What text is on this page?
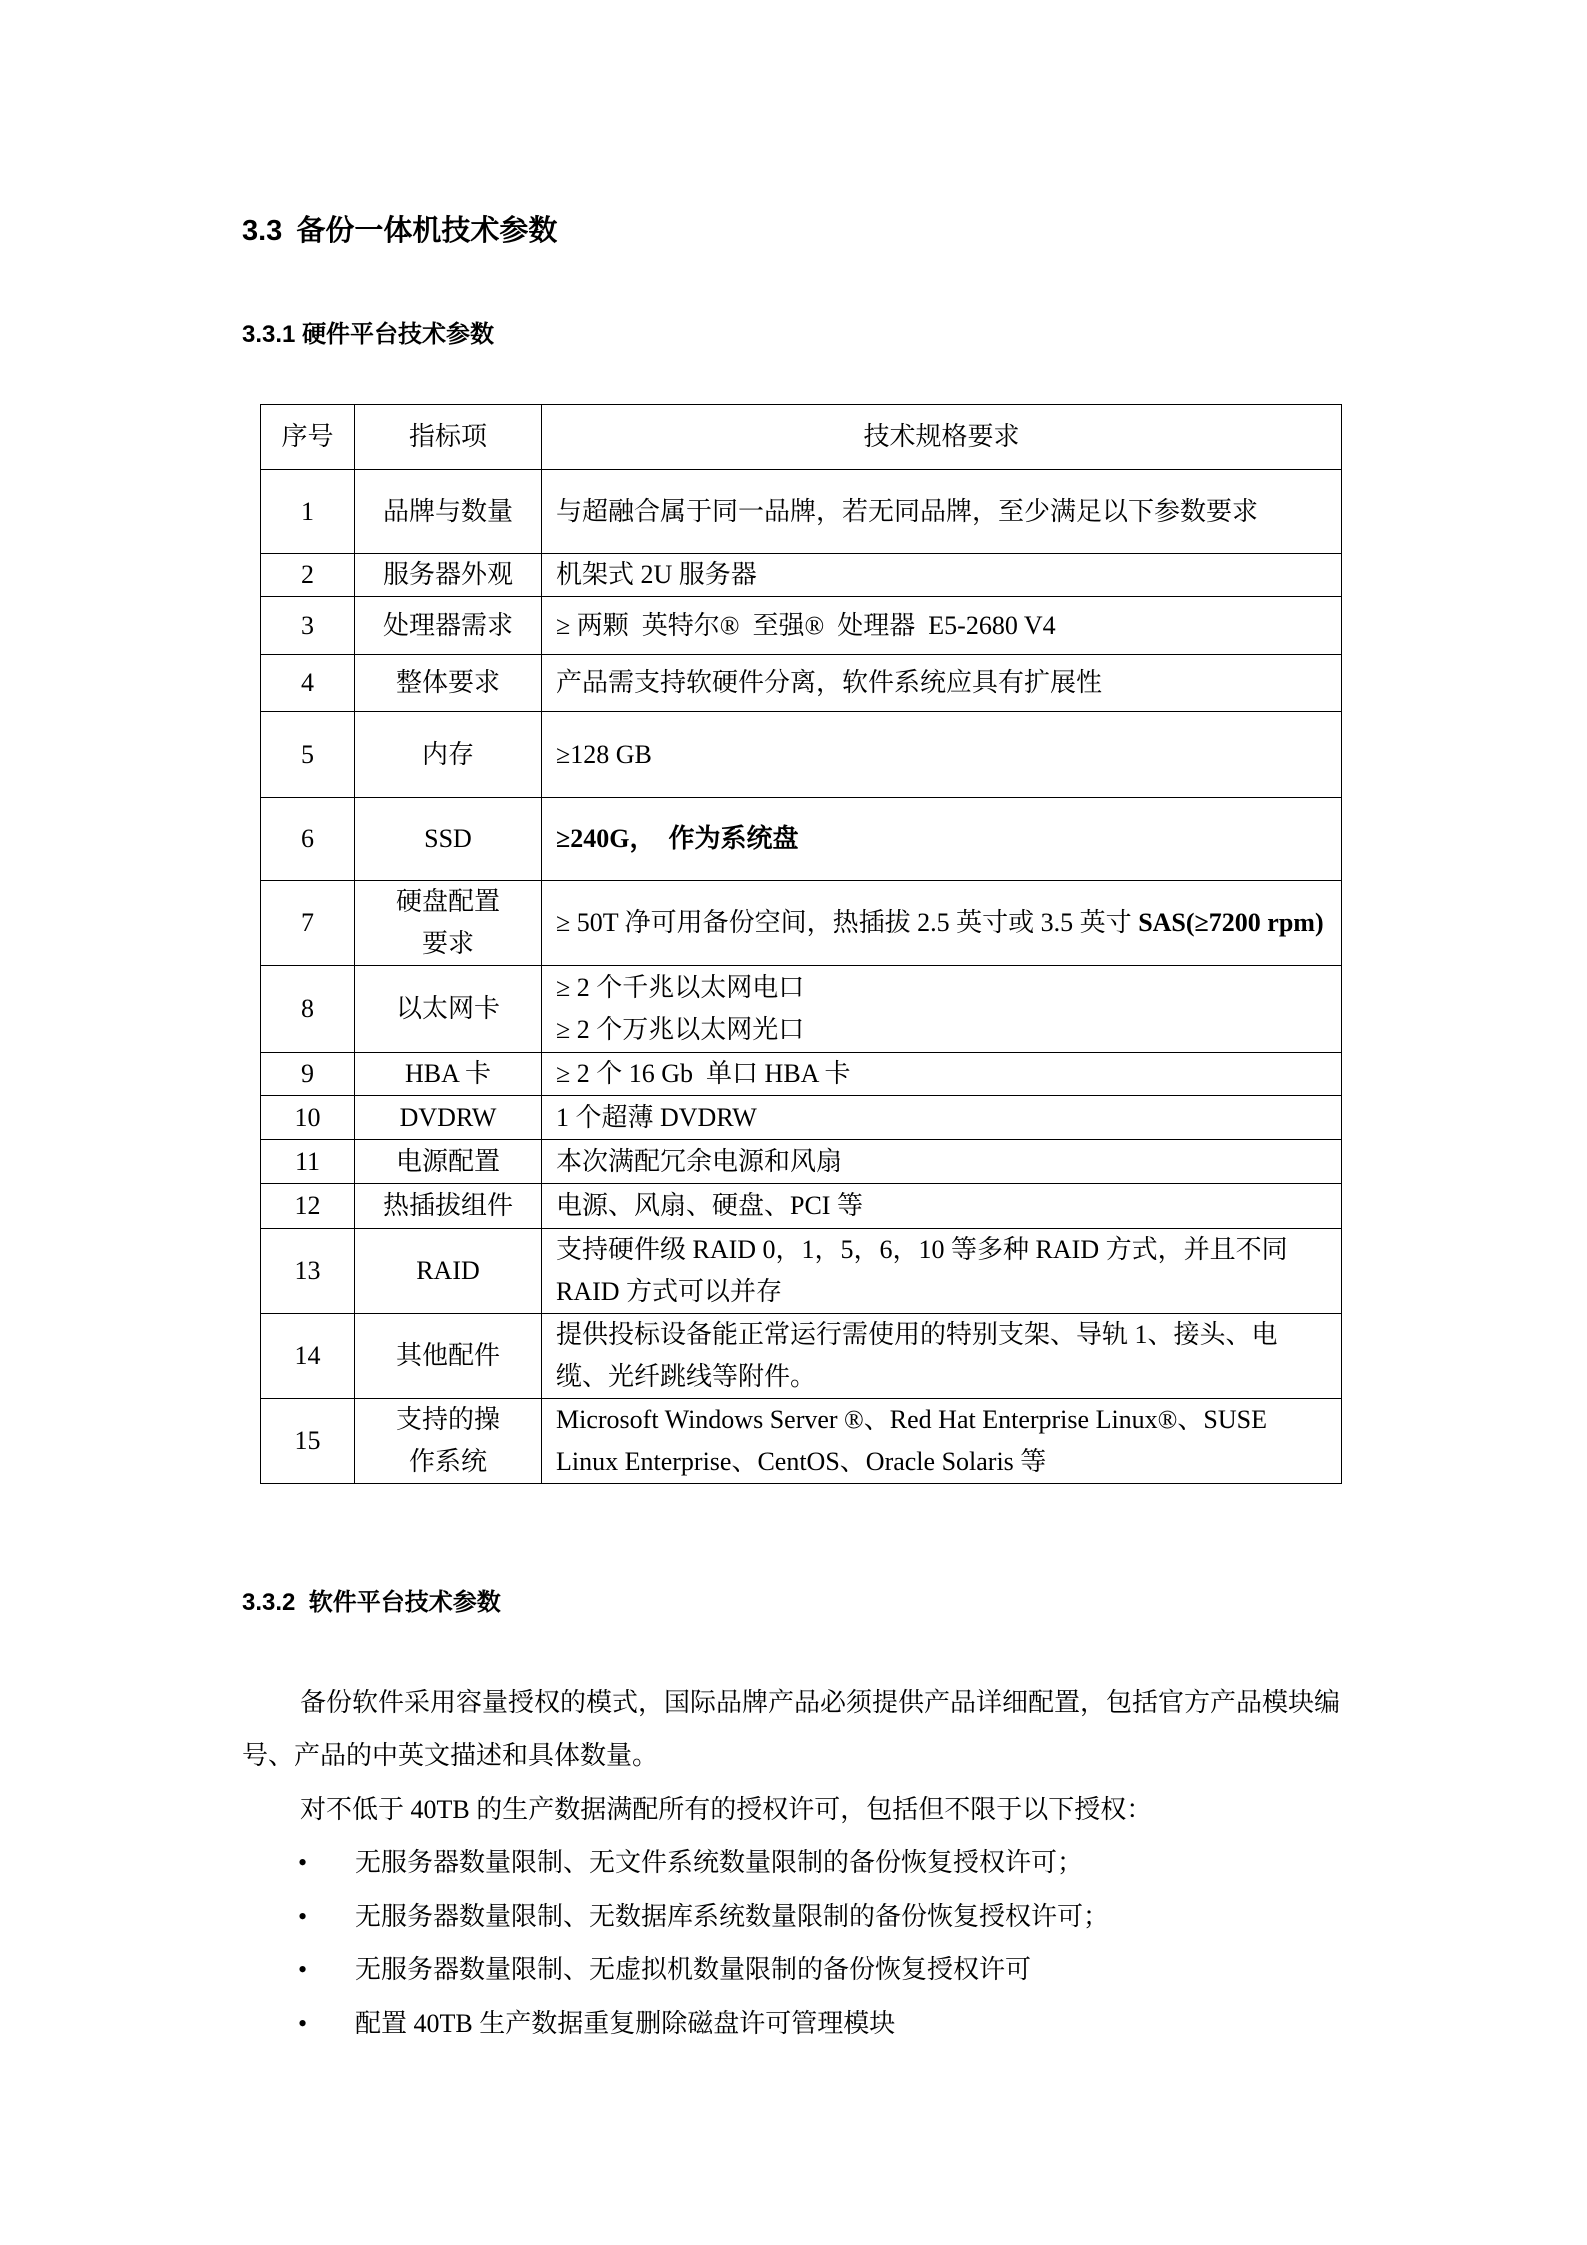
3.3 备份一体机技术参数
3.3.1 硬件平台技术参数
序号	指标项	技术规格要求
1	品牌与数量	与超融合属于同一品牌，若无同品牌，至少满足以下参数要求
2	服务器外观	机架式 2U 服务器
3	处理器需求	≥ 两颗  英特尔®  至强®  处理器  E5-2680 V4
4	整体要求	产品需支持软硬件分离，软件系统应具有扩展性
5	内存	≥128 GB
6	SSD	≥240G，  作为系统盘
7	硬盘配置要求	≥ 50T 净可用备份空间，热插拔 2.5 英寸或 3.5 英寸 SAS(≥7200 rpm)
8	以太网卡	≥ 2 个千兆以太网电口
≥ 2 个万兆以太网光口

9	HBA 卡	≥ 2 个 16 Gb  单口 HBA 卡
10	DVDRW	1 个超薄 DVDRW
11	电源配置	本次满配冗余电源和风扇
12	热插拔组件	电源、风扇、硬盘、PCI 等
13	RAID	支持硬件级 RAID 0，1，5，6，10 等多种 RAID 方式，并且不同 RAID 方式可以并存
14	其他配件	提供投标设备能正常运行需使用的特别支架、导轨 1、接头、电缆、光纤跳线等附件。
15	支持的操作系统	Microsoft Windows Server ®、Red Hat Enterprise Linux®、SUSE Linux Enterprise、CentOS、Oracle Solaris 等
3.3.2 软件平台技术参数
备份软件采用容量授权的模式，国际品牌产品必须提供产品详细配置，包括官方产品模块编号、产品的中英文描述和具体数量。
对不低于 40TB 的生产数据满配所有的授权许可，包括但不限于以下授权：
• 无服务器数量限制、无文件系统数量限制的备份恢复授权许可；
• 无服务器数量限制、无数据库系统数量限制的备份恢复授权许可；
• 无服务器数量限制、无虚拟机数量限制的备份恢复授权许可
• 配置 40TB 生产数据重复删除磁盘许可管理模块
